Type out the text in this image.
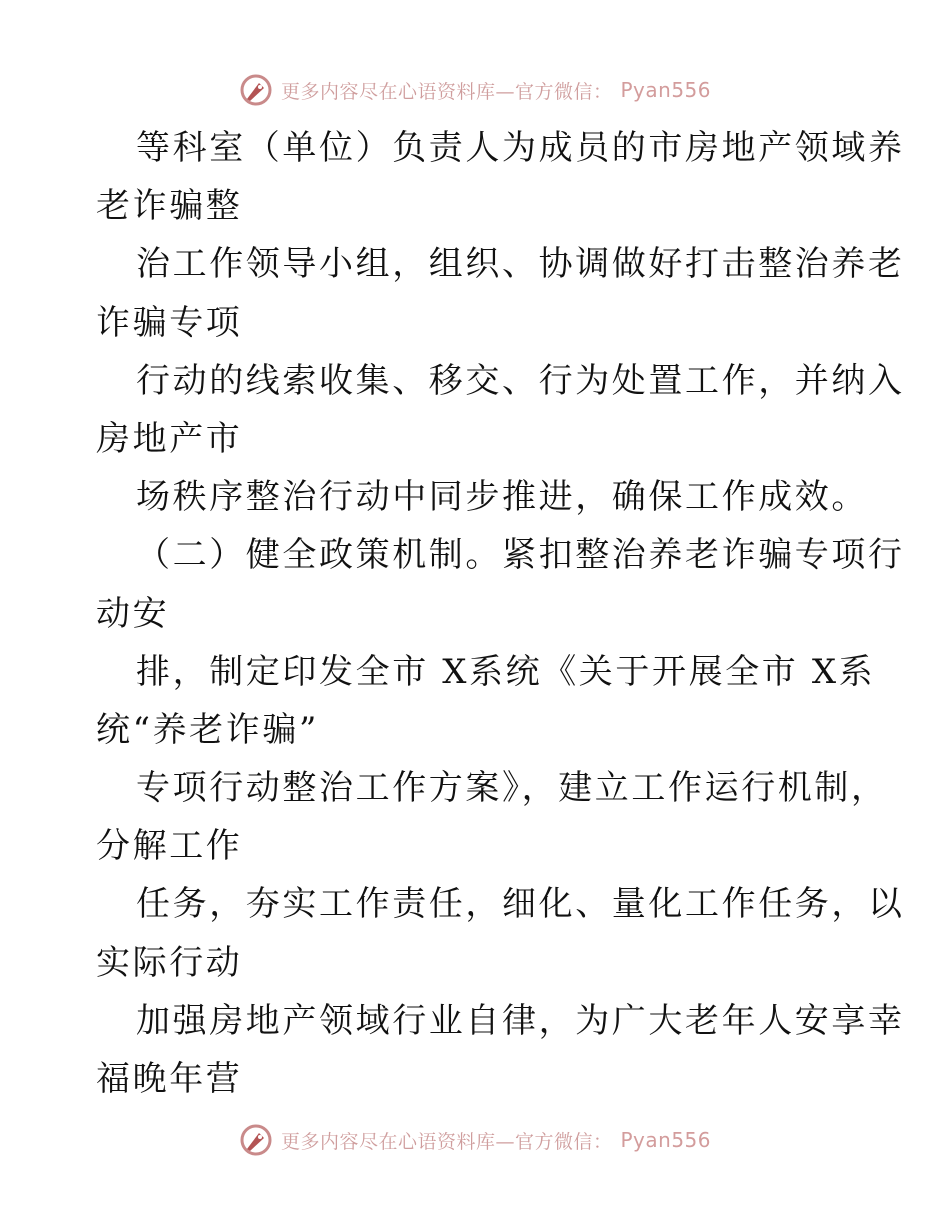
更多内容尽在心语资料库—官方微信： Pyan556
等科室（单位）负责人为成员的市房地产领域养
老诈骗整
治工作领导小组，组织、协调做好打击整治养老
诈骗专项
行动的线索收集、移交、行为处置工作，并纳入
房地产市
场秩序整治行动中同步推进，确保工作成效。
（二）健全政策机制。紧扣整治养老诈骗专项行
动安
排，制定印发全市 X系统《关于开展全市 X系
统“养老诈骗”
专项行动整治工作方案》，建立工作运行机制，
分解工作
任务，夯实工作责任，细化、量化工作任务，以
实际行动
加强房地产领域行业自律，为广大老年人安享幸
福晚年营
更多内容尽在心语资料库—官方微信： Pyan556
